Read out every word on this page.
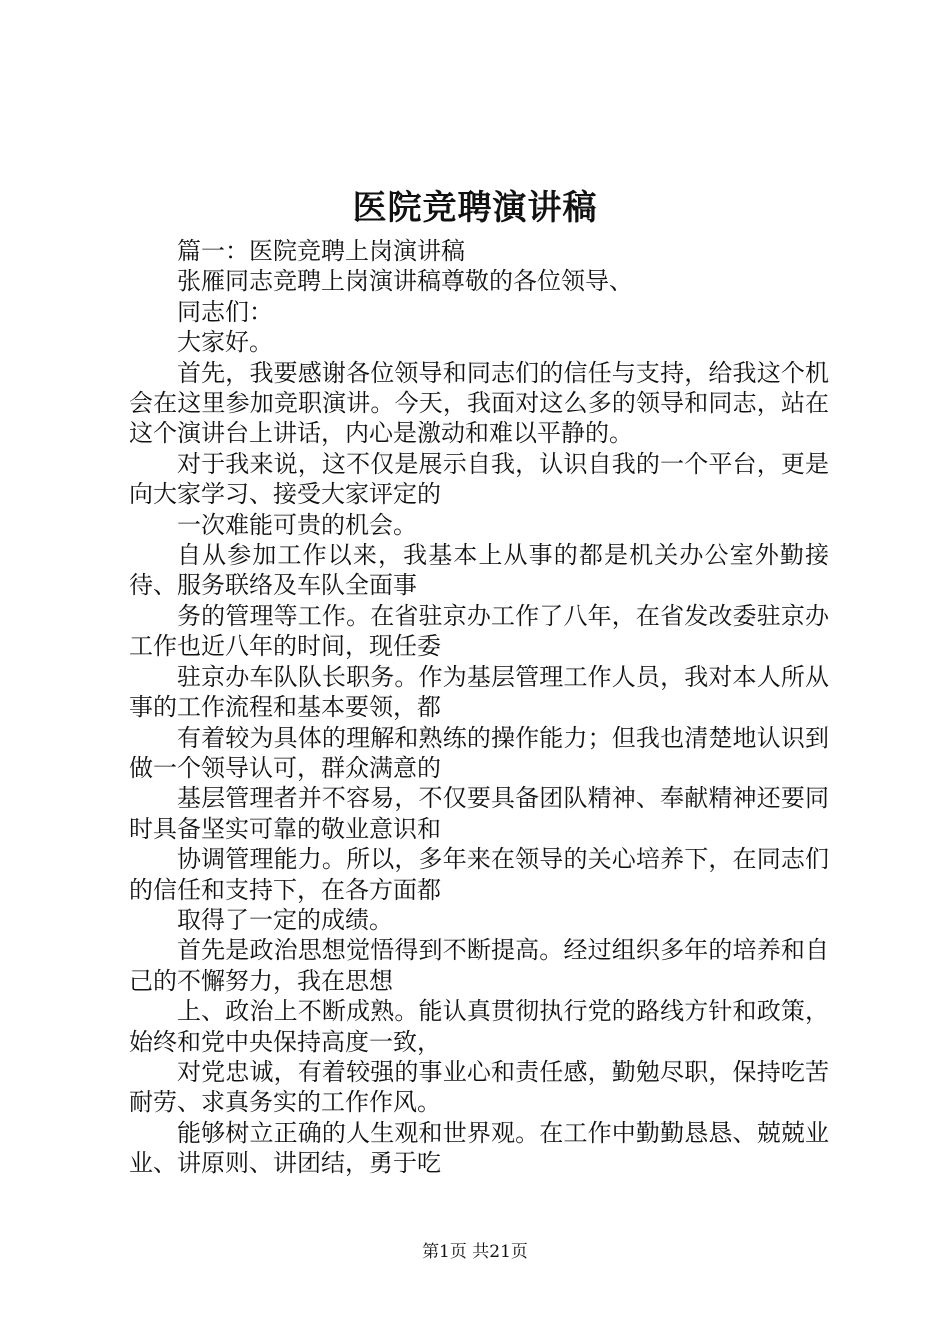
医院竞聘演讲稿

篇一：医院竞聘上岗演讲稿

张雁同志竞聘上岗演讲稿尊敬的各位领导、

同志们：

大家好。

首先，我要感谢各位领导和同志们的信任与支持，给我这个机会在这里参加竞职演讲。今天，我面对这么多的领导和同志，站在这个演讲台上讲话，内心是激动和难以平静的。

对于我来说，这不仅是展示自我，认识自我的一个平台，更是向大家学习、接受大家评定的

一次难能可贵的机会。

自从参加工作以来，我基本上从事的都是机关办公室外勤接待、服务联络及车队全面事

务的管理等工作。在省驻京办工作了八年，在省发改委驻京办工作也近八年的时间，现任委

驻京办车队队长职务。作为基层管理工作人员，我对本人所从事的工作流程和基本要领，都

有着较为具体的理解和熟练的操作能力；但我也清楚地认识到做一个领导认可，群众满意的

基层管理者并不容易，不仅要具备团队精神、奉献精神还要同时具备坚实可靠的敬业意识和

协调管理能力。所以，多年来在领导的关心培养下，在同志们的信任和支持下，在各方面都

取得了一定的成绩。

首先是政治思想觉悟得到不断提高。经过组织多年的培养和自己的不懈努力，我在思想

上、政治上不断成熟。能认真贯彻执行党的路线方针和政策，始终和党中央保持高度一致，

对党忠诚，有着较强的事业心和责任感，勤勉尽职，保持吃苦耐劳、求真务实的工作作风。

能够树立正确的人生观和世界观。在工作中勤勤恳恳、兢兢业业、讲原则、讲团结，勇于吃

第1页 共21页
